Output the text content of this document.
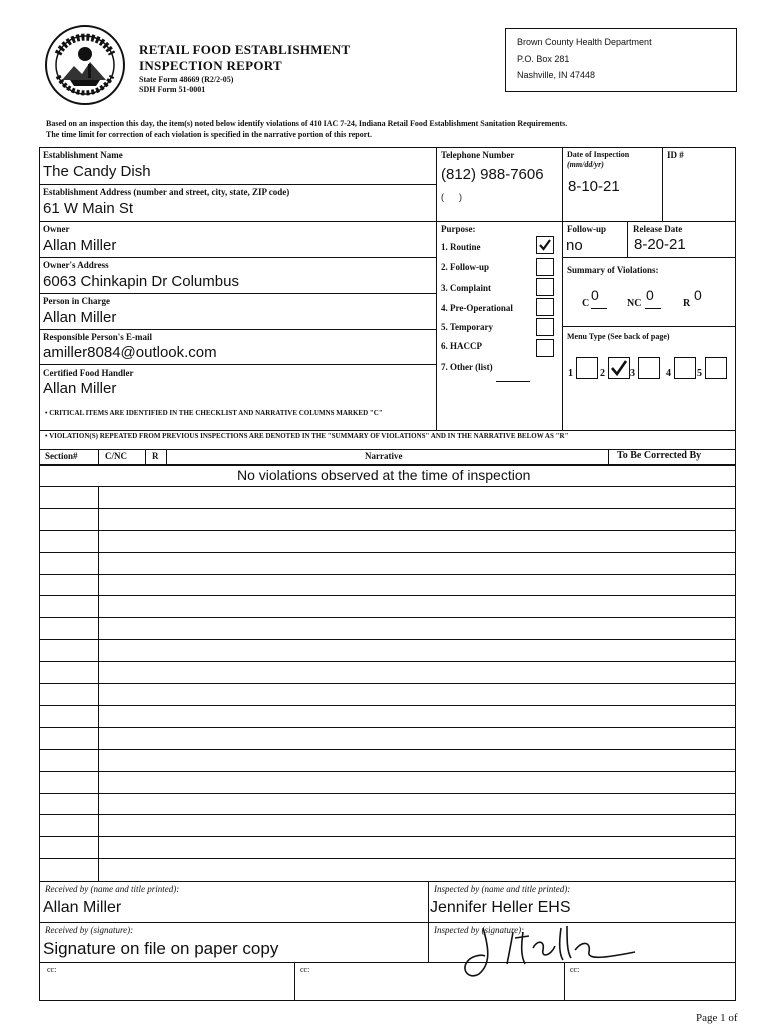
RETAIL FOOD ESTABLISHMENT
INSPECTION REPORT
State Form 48669 (R2/2-05)
SDH Form 51-0001
Brown County Health Department
P.O. Box 281
Nashville, IN 47448
Based on an inspection this day, the item(s) noted below identify violations of 410 IAC 7-24, Indiana Retail Food Establishment Sanitation Requirements.
The time limit for correction of each violation is specified in the narrative portion of this report.
Establishment Name
The Candy Dish
Establishment Address (number and street, city, state, ZIP code)
61 W Main St
Owner
Allan Miller
Owner's Address
6063 Chinkapin Dr Columbus
Person in Charge
Allan Miller
Responsible Person's E-mail
amiller8084@outlook.com
Certified Food Handler
Allan Miller
Telephone Number
(812) 988-7606
(      )
Date of Inspection
(mm/dd/yr)
8-10-21
ID #
Purpose:
1. Routine
2. Follow-up
3. Complaint
4. Pre-Operational
5. Temporary
6. HACCP
7. Other (list)
Follow-up
no
Release Date
8-20-21
Summary of Violations:
C
0
NC
0
R
0
Menu Type (See back of page)
1	2	3	4	5
• CRITICAL ITEMS ARE IDENTIFIED IN THE CHECKLIST AND NARRATIVE COLUMNS MARKED "C"
• VIOLATION(S) REPEATED FROM PREVIOUS INSPECTIONS ARE DENOTED IN THE "SUMMARY OF VIOLATIONS" AND IN THE NARRATIVE BELOW AS "R"
Section#	C/NC	R	Narrative	To Be Corrected By
No violations observed at the time of inspection
Received by (name and title printed):
Allan Miller
Inspected by (name and title printed):
Jennifer Heller EHS
Received by (signature):
Signature on file on paper copy
Inspected by (signature):
cc:	cc:	cc:
Page 1 of
